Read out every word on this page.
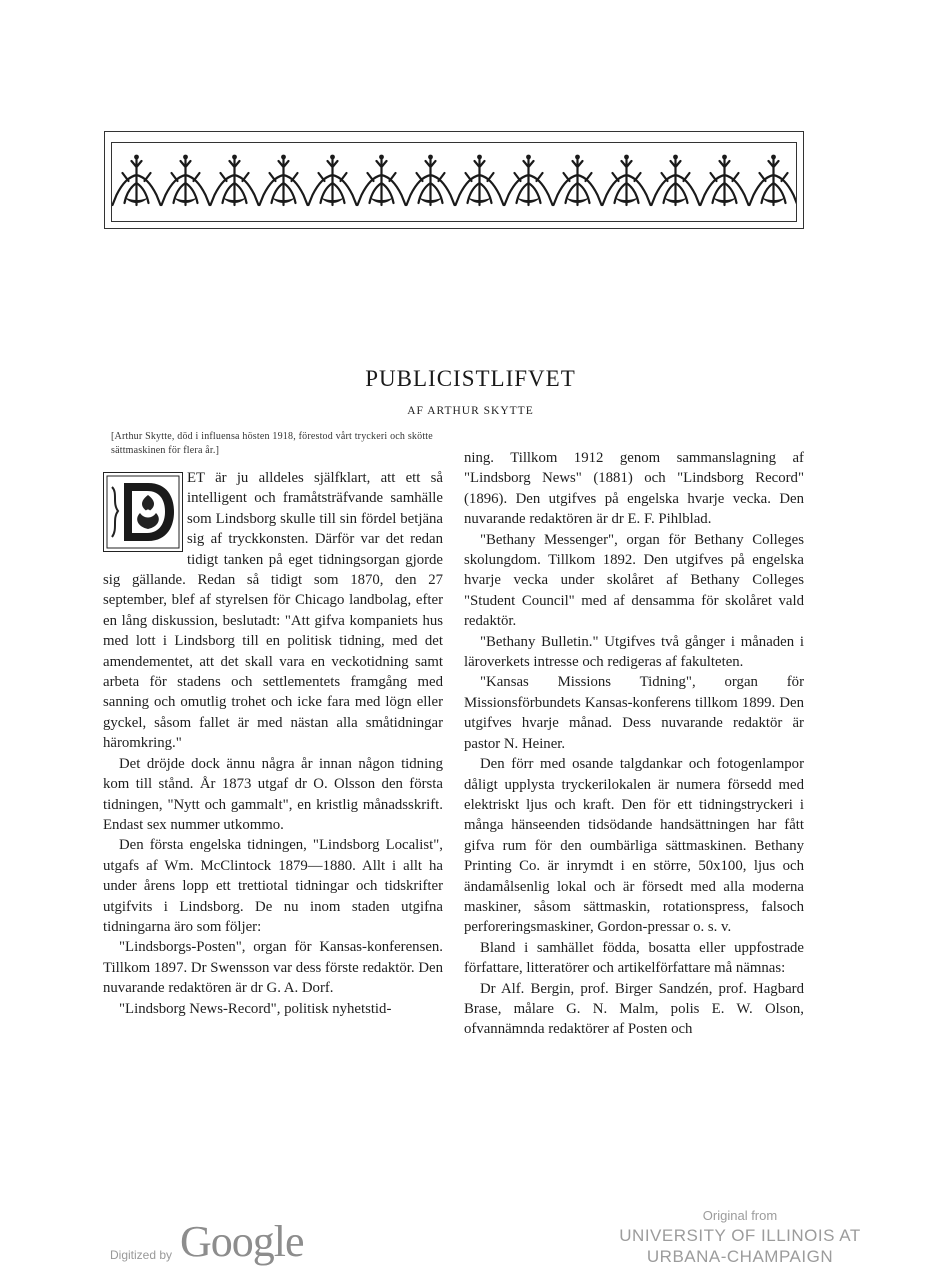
PUBLICISTLIFVET
AF ARTHUR SKYTTE
[Arthur Skytte, död i influensa hösten 1918, förestod vårt tryckeri och skötte sättmaskinen för flera år.]

ET är ju alldeles själfklart, att ett så intelligent och framåtsträfvande samhälle som Lindsborg skulle till sin fördel betjäna sig af tryckkonsten. Därför var det redan tidigt tanken på eget tidningsorgan gjorde sig gällande. Redan så tidigt som 1870, den 27 september, blef af styrelsen för Chicago landbolag, efter en lång diskussion, beslutadt: "Att gifva kompaniets hus med lott i Lindsborg till en politisk tidning, med det amendementet, att det skall vara en veckotidning samt arbeta för stadens och settlementets framgång med sanning och omutlig trohet och icke fara med lögn eller gyckel, såsom fallet är med nästan alla småtidningar häromkring."

Det dröjde dock ännu några år innan någon tidning kom till stånd. År 1873 utgaf dr O. Olsson den första tidningen, "Nytt och gammalt", en kristlig månadsskrift. Endast sex nummer utkommo.

Den första engelska tidningen, "Lindsborg Localist", utgafs af Wm. McClintock 1879—1880. Allt i allt ha under årens lopp ett trettiotal tidningar och tidskrifter utgifvits i Lindsborg. De nu inom staden utgifna tidningarna äro som följer:

"Lindsborgs-Posten", organ för Kansas-konferensen. Tillkom 1897. Dr Swensson var dess förste redaktör. Den nuvarande redaktören är dr G. A. Dorf.

"Lindsborg News-Record", politisk nyhetstid-

ning. Tillkom 1912 genom sammanslagning af "Lindsborg News" (1881) och "Lindsborg Record" (1896). Den utgifves på engelska hvarje vecka. Den nuvarande redaktören är dr E. F. Pihlblad.

"Bethany Messenger", organ för Bethany Colleges skolungdom. Tillkom 1892. Den utgifves på engelska hvarje vecka under skolåret af Bethany Colleges "Student Council" med af densamma för skolåret vald redaktör.

"Bethany Bulletin." Utgifves två gånger i månaden i läroverkets intresse och redigeras af fakulteten.

"Kansas Missions Tidning", organ för Missionsförbundets Kansas-konferens tillkom 1899. Den utgifves hvarje månad. Dess nuvarande redaktör är pastor N. Heiner.

Den förr med osande talgdankar och fotogenlampor dåligt upplysta tryckerilokalen är numera försedd med elektriskt ljus och kraft. Den för ett tidningstryckeri i många hänseenden tidsödande handsättningen har fått gifva rum för den oumbärliga sättmaskinen. Bethany Printing Co. är inrymdt i en större, 50x100, ljus och ändamålsenlig lokal och är försedt med alla moderna maskiner, såsom sättmaskin, rotationspress, falsoch perforeringsmaskiner, Gordon-pressar o. s. v.

Bland i samhället födda, bosatta eller uppfostrade författare, litteratörer och artikelförfattare må nämnas:

Dr Alf. Bergin, prof. Birger Sandzén, prof. Hagbard Brase, målare G. N. Malm, polis E. W. Olson, ofvannämnda redaktörer af Posten och

Digitized by Google
Original from
UNIVERSITY OF ILLINOIS AT
URBANA-CHAMPAIGN
